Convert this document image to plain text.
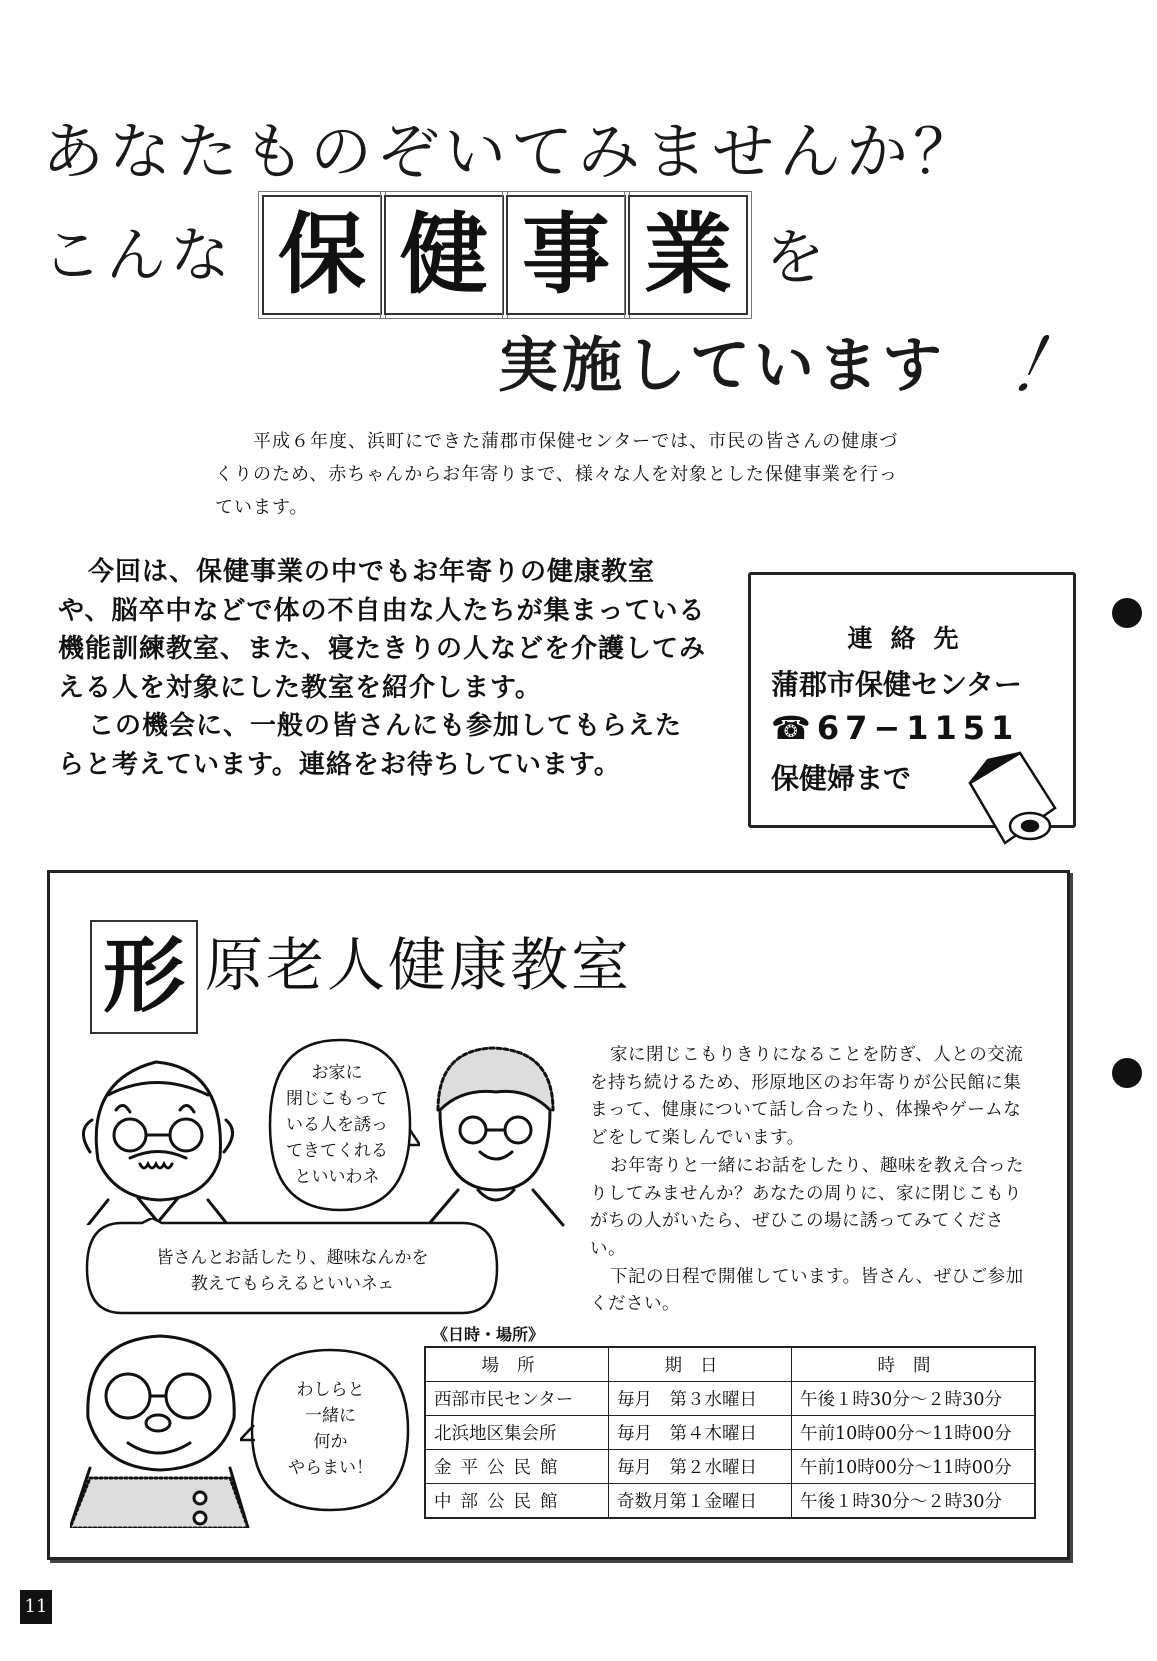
あなたものぞいてみませんか？
こんな 保 健 事 業 を
実施しています ！
平成６年度、浜町にできた蒲郡市保健センターでは、市民の皆さんの健康づくりのため、赤ちゃんからお年寄りまで、様々な人を対象とした保健事業を行っています。

今回は、保健事業の中でもお年寄りの健康教室や、脳卒中などで体の不自由な人たちが集まっている機能訓練教室、また、寝たきりの人などを介護してみえる人を対象にした教室を紹介します。

この機会に、一般の皆さんにも参加してもらえたらと考えています。連絡をお待ちしています。

連絡先
蒲郡市保健センター
☎67−1151
保健婦まで
形 原老人健康教室
お家に
閉じこもって
いる人を誘っ
てきてくれる
といいわネ
皆さんとお話したり、趣味なんかを
教えてもらえるといいネェ
わしらと
一緒に
何か
やらまい！

家に閉じこもりきりになることを防ぎ、人との交流を持ち続けるため、形原地区のお年寄りが公民館に集まって、健康について話し合ったり、体操やゲームなどをして楽しんでいます。

お年寄りと一緒にお話をしたり、趣味を教え合ったりしてみませんか？あなたの周りに、家に閉じこもりがちの人がいたら、ぜひこの場に誘ってみてください。

下記の日程で開催しています。皆さん、ぜひご参加ください。

《日時・場所》
場所	期日	時間
西部市民センター	毎月　第３水曜日	午後１時30分～２時30分
北浜地区集会所	毎月　第４木曜日	午前10時00分～11時00分
金平公民館	毎月　第２水曜日	午前10時00分～11時00分
中部公民館	奇数月第１金曜日	午後１時30分～２時30分
11
